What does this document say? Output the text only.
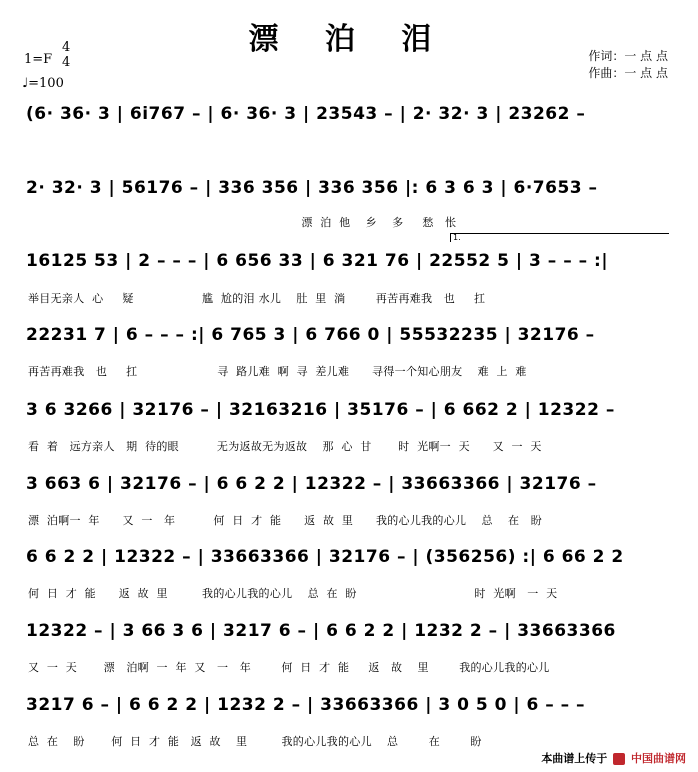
漂 泊 泪
1=F
4
4
♩=100
作词：一 点 点
作曲：一 点 点
(6· 36· 3 | 6i767 – | 6· 36· 3 | 23543 – | 2· 32· 3 | 23262 –
2· 32· 3 | 56176 – | 336 356 | 336 356 |: 6 3 6 3 | 6·7653 –
漂  泊  他    乡    多     愁   怅
1.
16125 53 | 2 – – – | 6 656 33 | 6 321 76 | 22552 5 | 3 – – – :|
举目无亲人  心     疑                  尴  尬的泪 水儿    肚  里  淌        再苦再难我   也     扛
22231 7 | 6 – – – :| 6 765 3 | 6 766 0 | 55532235 | 32176 –
再苦再难我   也     扛                     寻  路儿难  啊  寻  差儿难      寻得一个知心朋友    难  上  难
3 6 3266 | 32176 – | 32163216 | 35176 – | 6 662 2 | 12322 –
看  着   远方亲人   期  待的眼          无为返故无为返故    那  心  甘       时  光啊一  天      又  一  天
3 663 6 | 32176 – | 6 6 2 2 | 12322 – | 33663366 | 32176 –
漂  泊啊一  年      又  一   年          何  日  才  能      返  故  里      我的心儿我的心儿    总    在   盼
6 6 2 2 | 12322 – | 33663366 | 32176 – | (356256) :| 6 66 2 2
何  日  才  能      返  故  里         我的心儿我的心儿    总  在  盼                               时  光啊   一  天
12322 – | 3 66 3 6 | 3217 6 – | 6 6 2 2 | 1232 2 – | 33663366
又  一  天       漂   泊啊  一  年  又   一   年        何  日  才  能     返   故    里        我的心儿我的心儿
3217 6 – | 6 6 2 2 | 1232 2 – | 33663366 | 3 0 5 0 | 6 – – –
总  在    盼       何  日  才  能   返  故    里         我的心儿我的心儿    总        在        盼
本曲谱上传于 中国曲谱网
